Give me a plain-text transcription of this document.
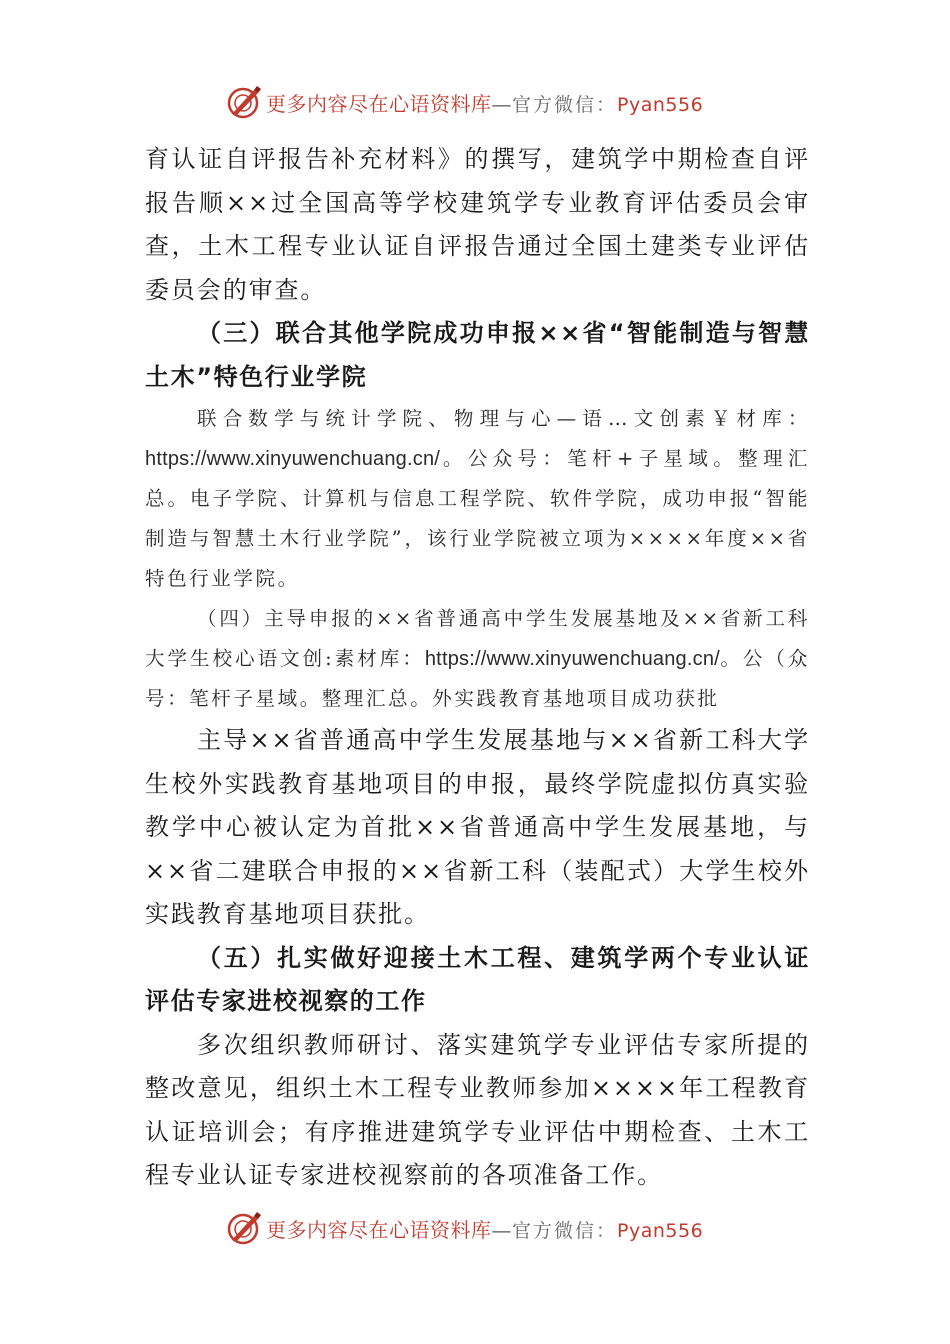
更多内容尽在心语资料库—官方微信：Pyan556

育认证自评报告补充材料》的撰写，建筑学中期检查自评报告顺××过全国高等学校建筑学专业教育评估委员会审查，土木工程专业认证自评报告通过全国土建类专业评估委员会的审查。

（三）联合其他学院成功申报××省“智能制造与智慧土木”特色行业学院

联合数学与统计学院、物理与心—语…文创素￥材库：https://www.xinyuwenchuang.cn/。公众号：笔杆+子星域。整理汇总。电子学院、计算机与信息工程学院、软件学院，成功申报“智能制造与智慧土木行业学院”，该行业学院被立项为××××年度××省特色行业学院。

（四）主导申报的××省普通高中学生发展基地及××省新工科大学生校心语文创:素材库：https://www.xinyuwenchuang.cn/。公（众号：笔杆子星域。整理汇总。外实践教育基地项目成功获批

主导××省普通高中学生发展基地与××省新工科大学生校外实践教育基地项目的申报，最终学院虚拟仿真实验教学中心被认定为首批××省普通高中学生发展基地，与××省二建联合申报的××省新工科（装配式）大学生校外实践教育基地项目获批。

（五）扎实做好迎接土木工程、建筑学两个专业认证评估专家进校视察的工作

多次组织教师研讨、落实建筑学专业评估专家所提的整改意见，组织土木工程专业教师参加××××年工程教育认证培训会；有序推进建筑学专业评估中期检查、土木工程专业认证专家进校视察前的各项准备工作。

更多内容尽在心语资料库—官方微信：Pyan556
